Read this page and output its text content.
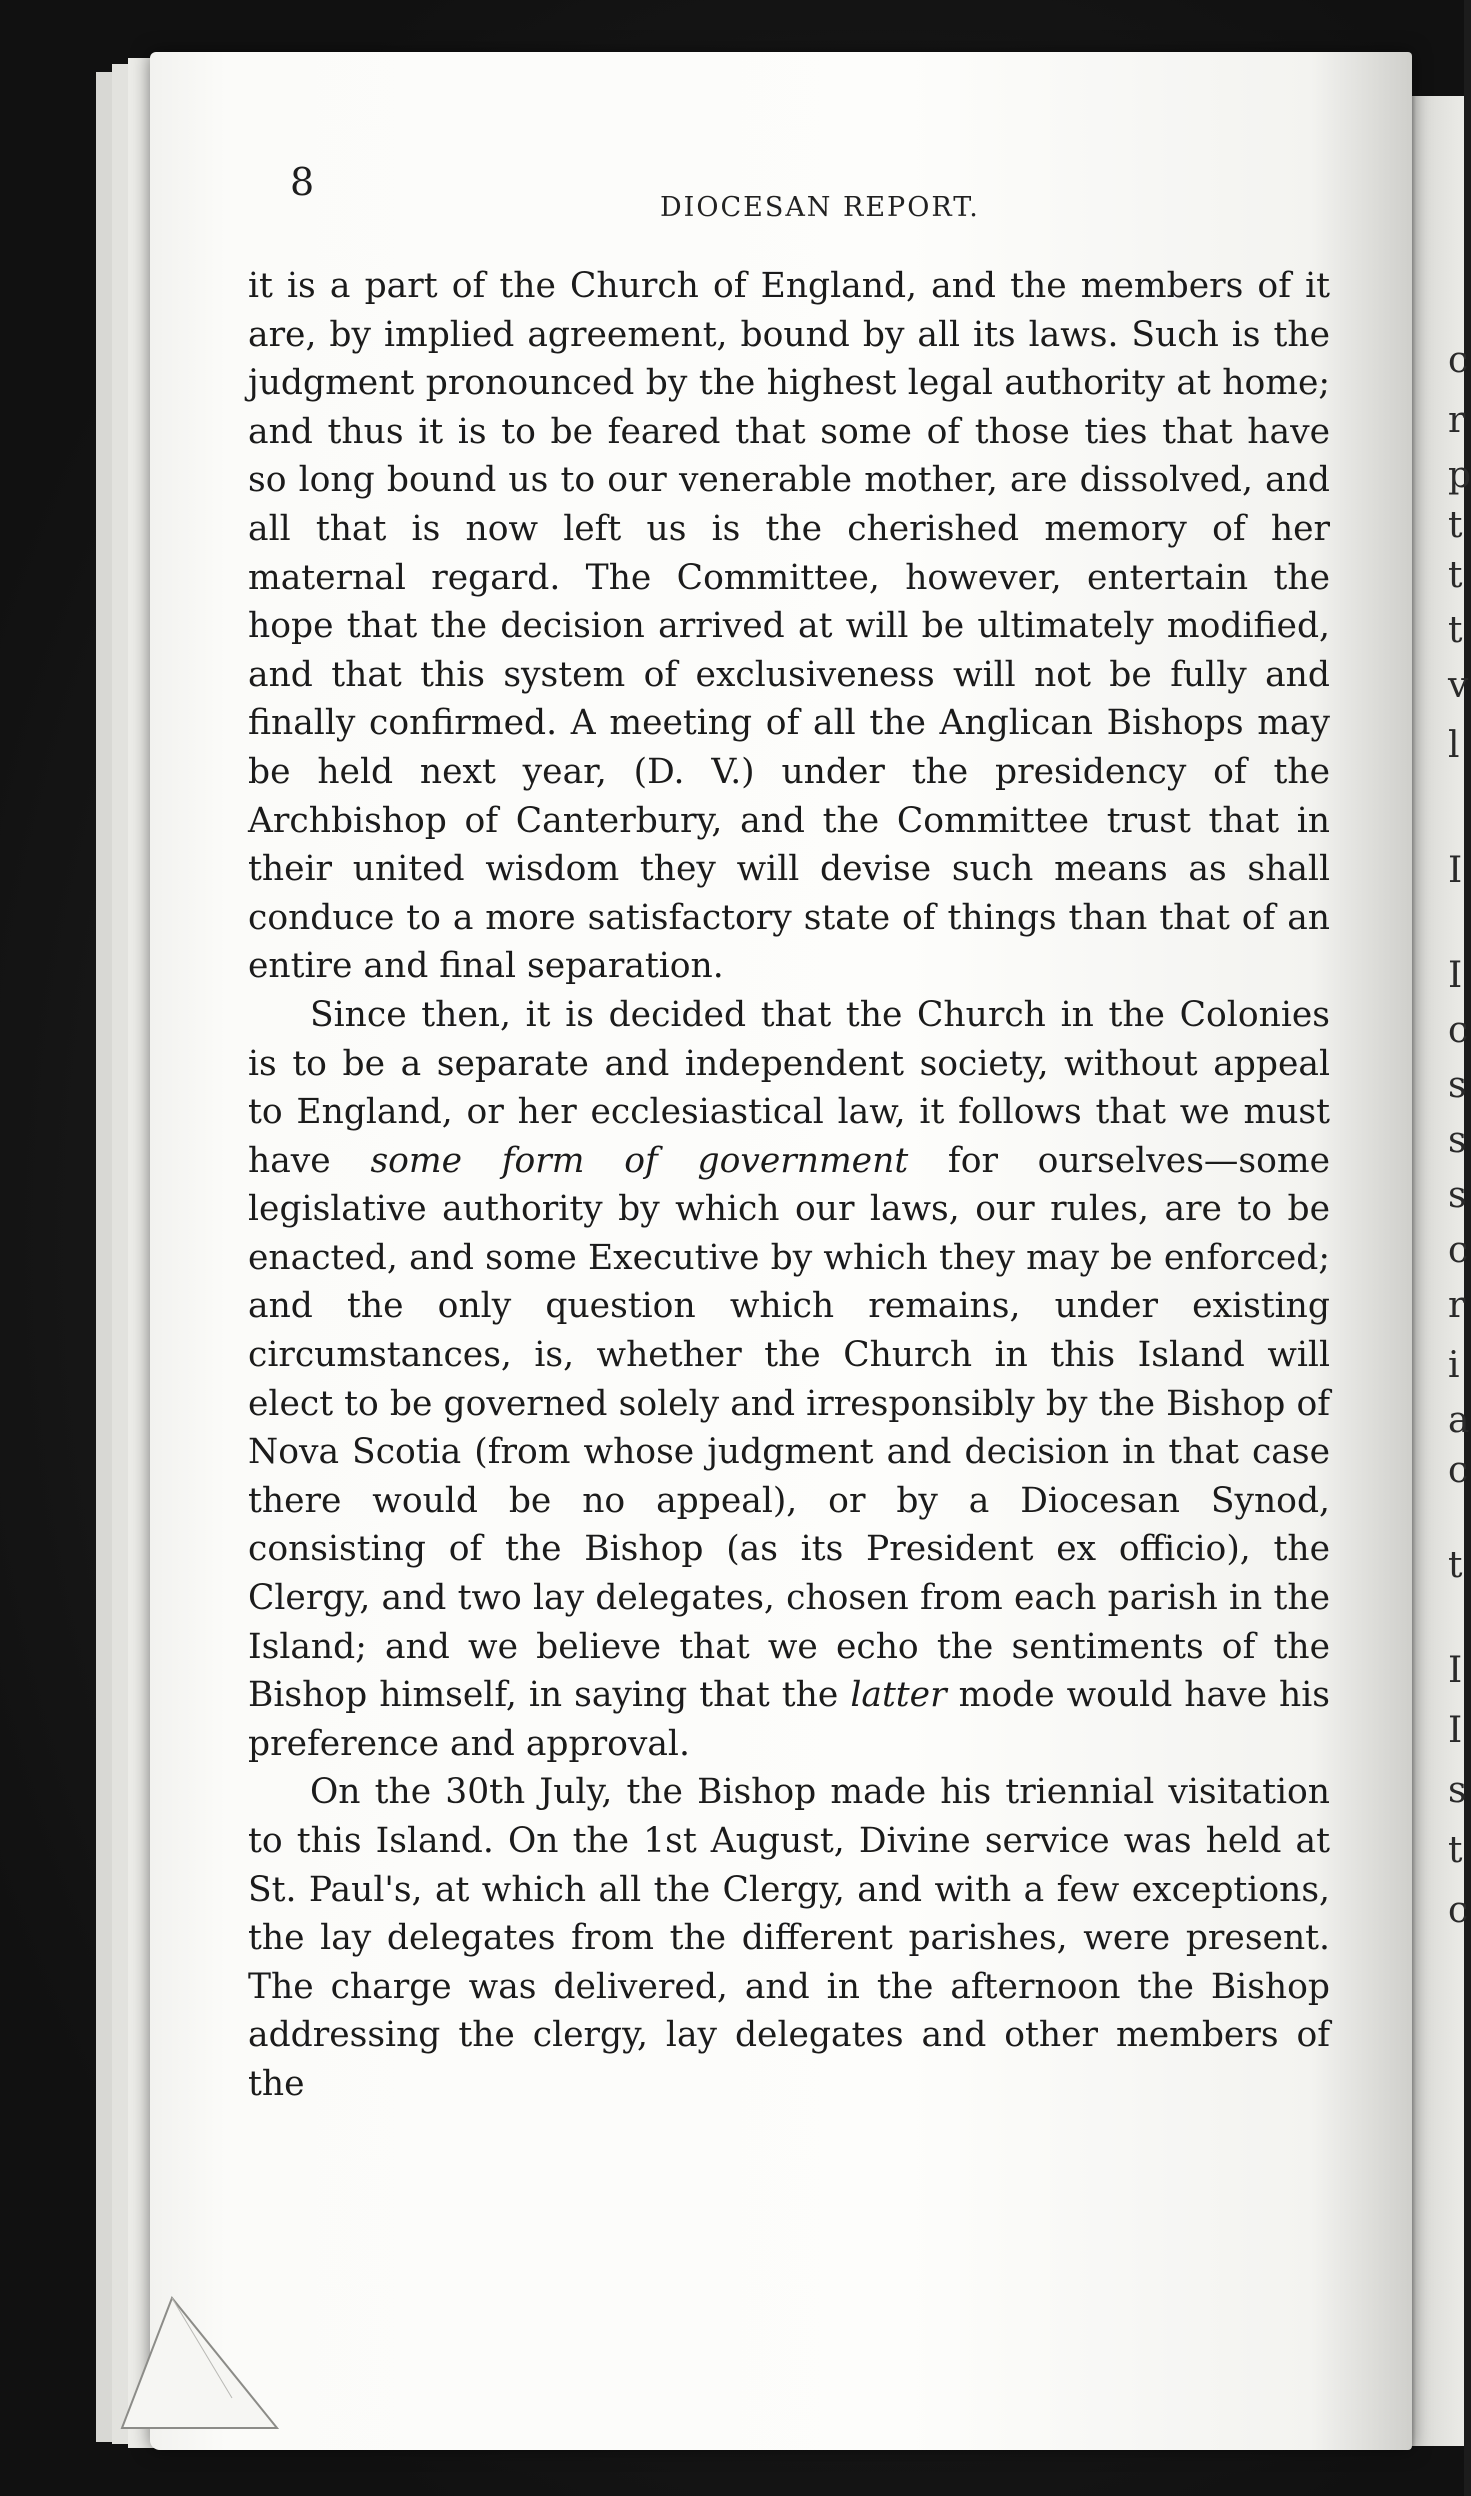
c
r
p
t
t
t
v
l
I
I
c
s
s
s
c
r
i
a
c
t
I
I
s
t
c
8
DIOCESAN REPORT.

it is a part of the Church of England, and the members of it are, by implied agreement, bound by all its laws. Such is the judgment pronounced by the highest legal authority at home; and thus it is to be feared that some of those ties that have so long bound us to our venerable mother, are dissolved, and all that is now left us is the cherished memory of her maternal regard. The Committee, however, entertain the hope that the decision arrived at will be ultimately modified, and that this system of exclusiveness will not be fully and finally confirmed. A meeting of all the Anglican Bishops may be held next year, (D. V.) under the presidency of the Archbishop of Canterbury, and the Committee trust that in their united wisdom they will devise such means as shall conduce to a more satisfactory state of things than that of an entire and final separation.

Since then, it is decided that the Church in the Colonies is to be a separate and independent society, without appeal to England, or her ecclesiastical law, it follows that we must have some form of government for ourselves—some legislative authority by which our laws, our rules, are to be enacted, and some Executive by which they may be enforced; and the only question which remains, under existing circumstances, is, whether the Church in this Island will elect to be governed solely and irresponsibly by the Bishop of Nova Scotia (from whose judgment and decision in that case there would be no appeal), or by a Diocesan Synod, consisting of the Bishop (as its President ex officio), the Clergy, and two lay delegates, chosen from each parish in the Island; and we believe that we echo the sentiments of the Bishop himself, in saying that the latter mode would have his preference and approval.

On the 30th July, the Bishop made his triennial visitation to this Island. On the 1st August, Divine service was held at St. Paul's, at which all the Clergy, and with a few exceptions, the lay delegates from the different parishes, were present. The charge was delivered, and in the afternoon the Bishop addressing the clergy, lay delegates and other members of the
